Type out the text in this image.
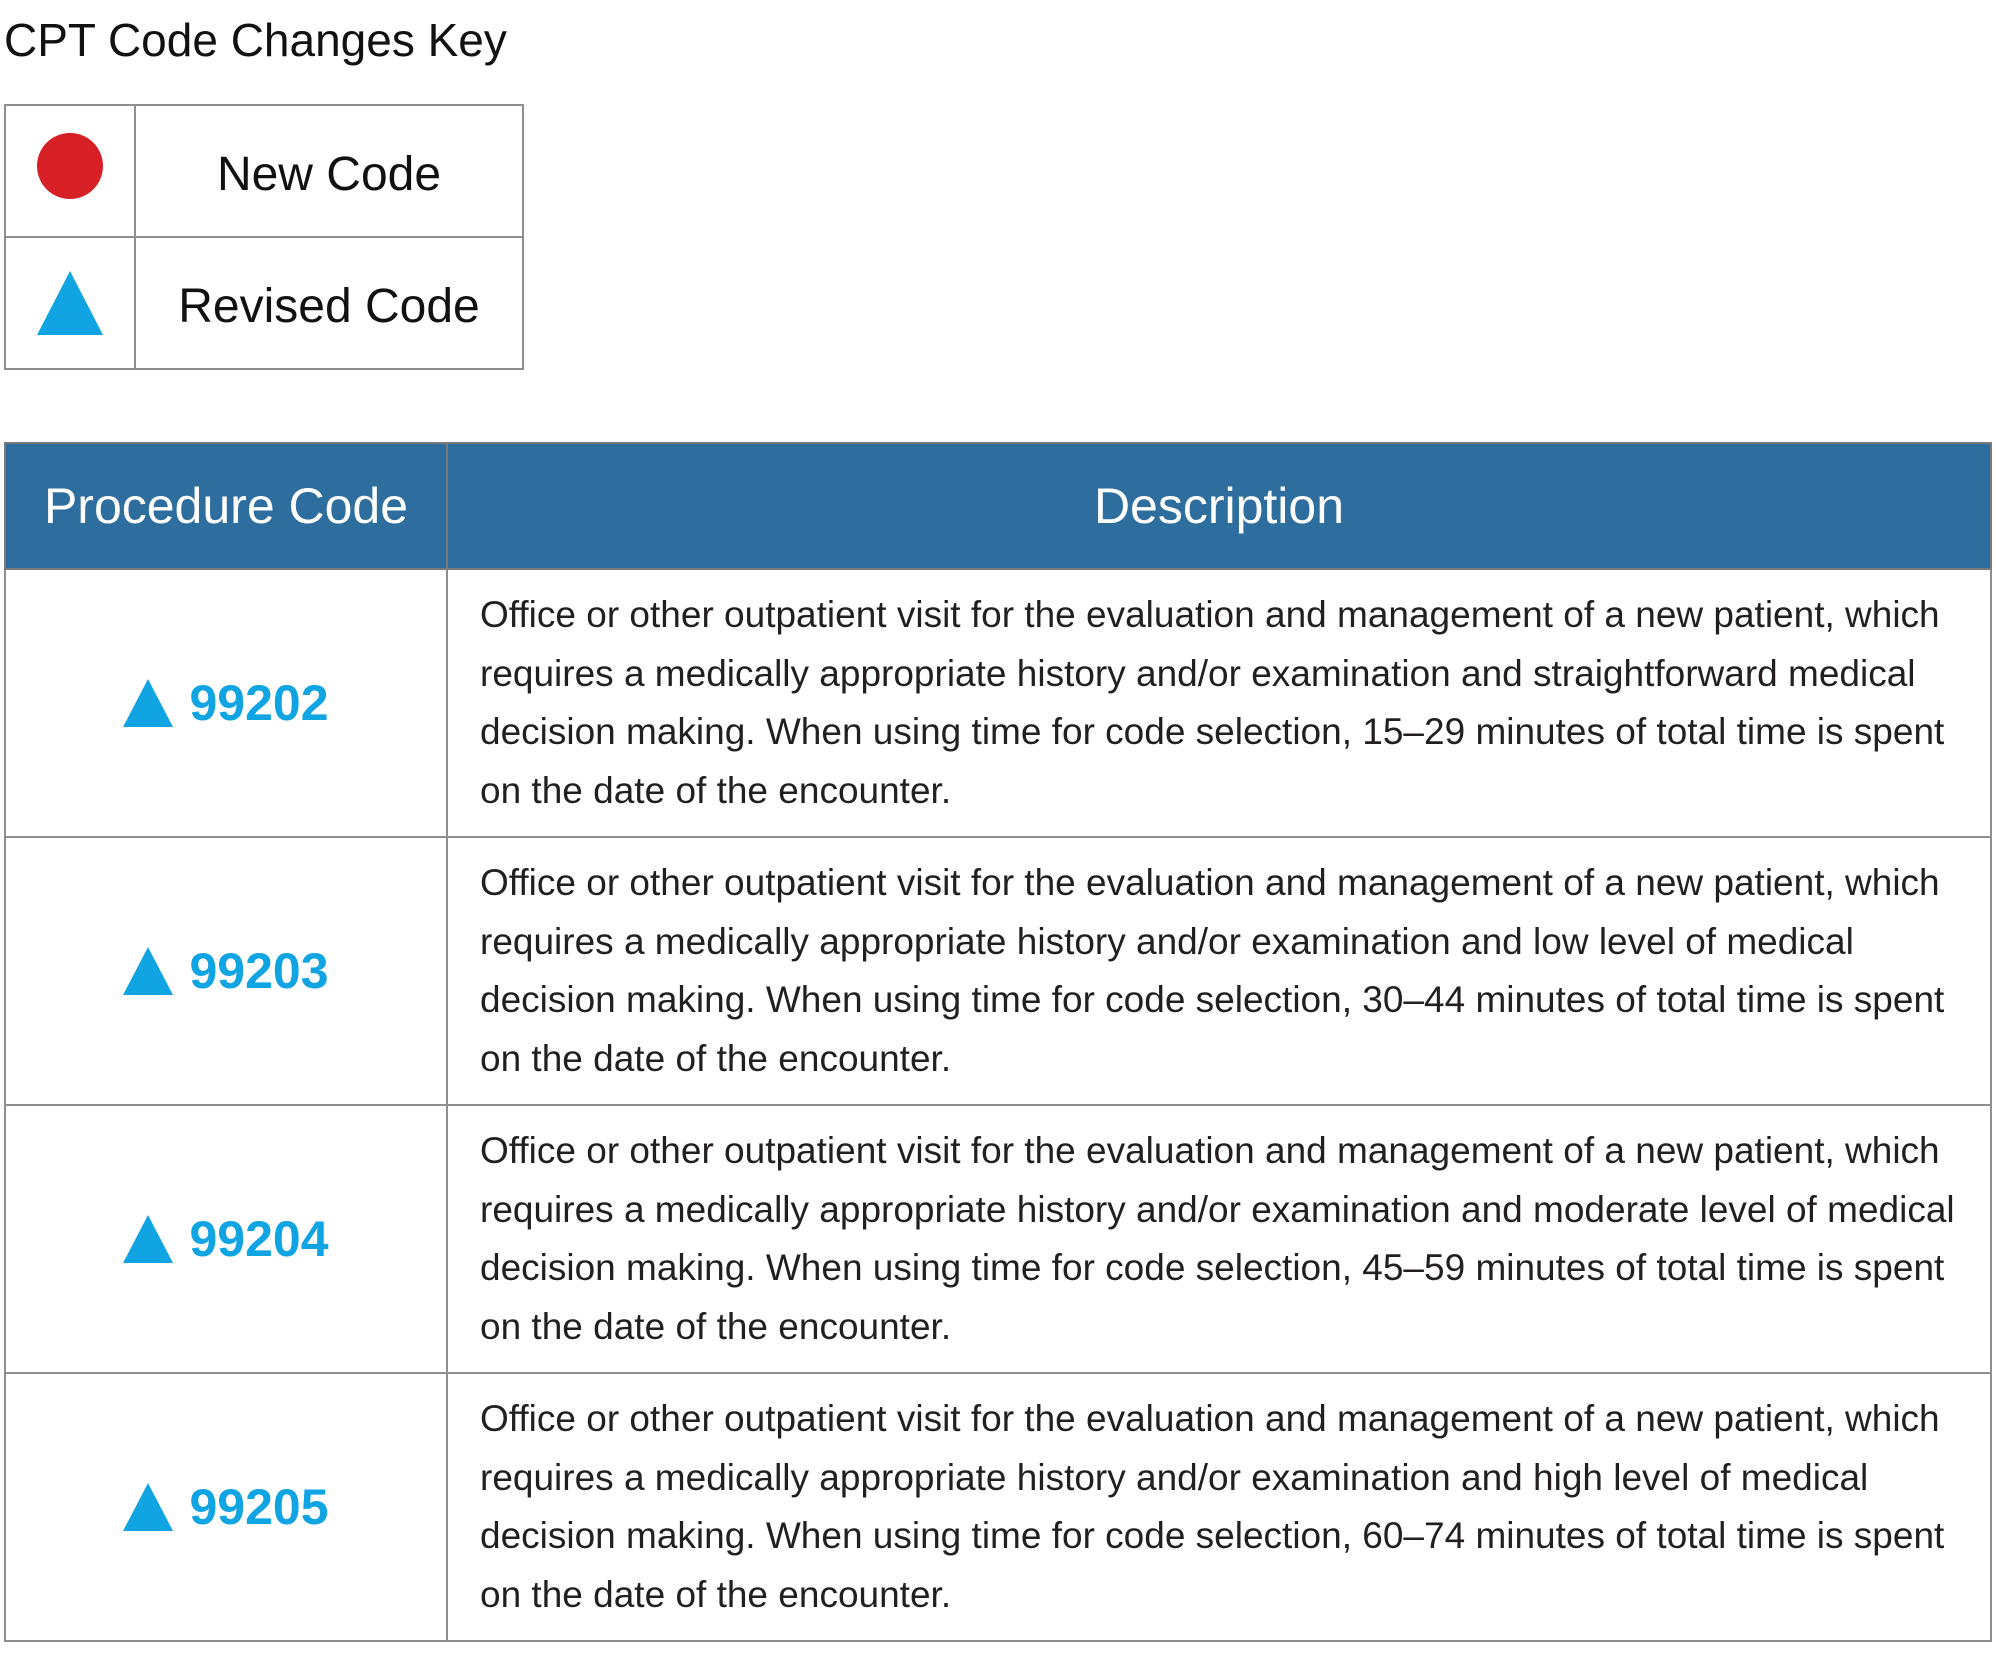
CPT Code Changes Key
	New Code
	Revised Code
Procedure Code	Description

99202	Office or other outpatient visit for the evaluation and management of a new patient, which requires a medically appropriate history and/or examination and straightforward medical decision making. When using time for code selection, 15–29 minutes of total time is spent on the date of the encounter.

99203	Office or other outpatient visit for the evaluation and management of a new patient, which requires a medically appropriate history and/or examination and low level of medical decision making. When using time for code selection, 30–44 minutes of total time is spent on the date of the encounter.

99204	Office or other outpatient visit for the evaluation and management of a new patient, which requires a medically appropriate history and/or examination and moderate level of medical decision making. When using time for code selection, 45–59 minutes of total time is spent on the date of the encounter.

99205	Office or other outpatient visit for the evaluation and management of a new patient, which requires a medically appropriate history and/or examination and high level of medical decision making. When using time for code selection, 60–74 minutes of total time is spent on the date of the encounter.
